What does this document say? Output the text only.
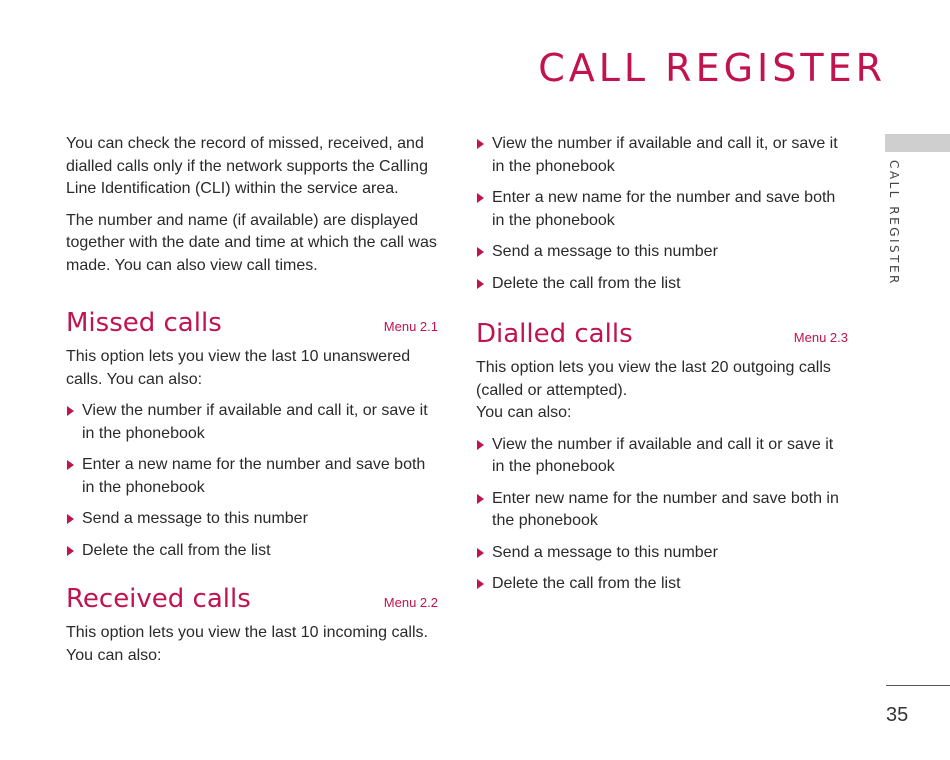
CALL REGISTER
CALL REGISTER
35

You can check the record of missed, received, and dialled calls only if the network supports the Calling Line Identification (CLI) within the service area.

The number and name (if available) are displayed together with the date and time at which the call was made. You can also view call times.

Missed calls	Menu 2.1

This option lets you view the last 10 unanswered calls. You can also:

View the number if available and call it, or save it in the phonebook
Enter a new name for the number and save both in the phonebook
Send a message to this number
Delete the call from the list
Received calls	Menu 2.2

This option lets you view the last 10 incoming calls. You can also:

View the number if available and call it, or save it in the phonebook
Enter a new name for the number and save both in the phonebook
Send a message to this number
Delete the call from the list
Dialled calls	Menu 2.3

This option lets you view the last 20 outgoing calls (called or attempted).

You can also:

View the number if available and call it or save it in the phonebook
Enter new name for the number and save both in the phonebook
Send a message to this number
Delete the call from the list
